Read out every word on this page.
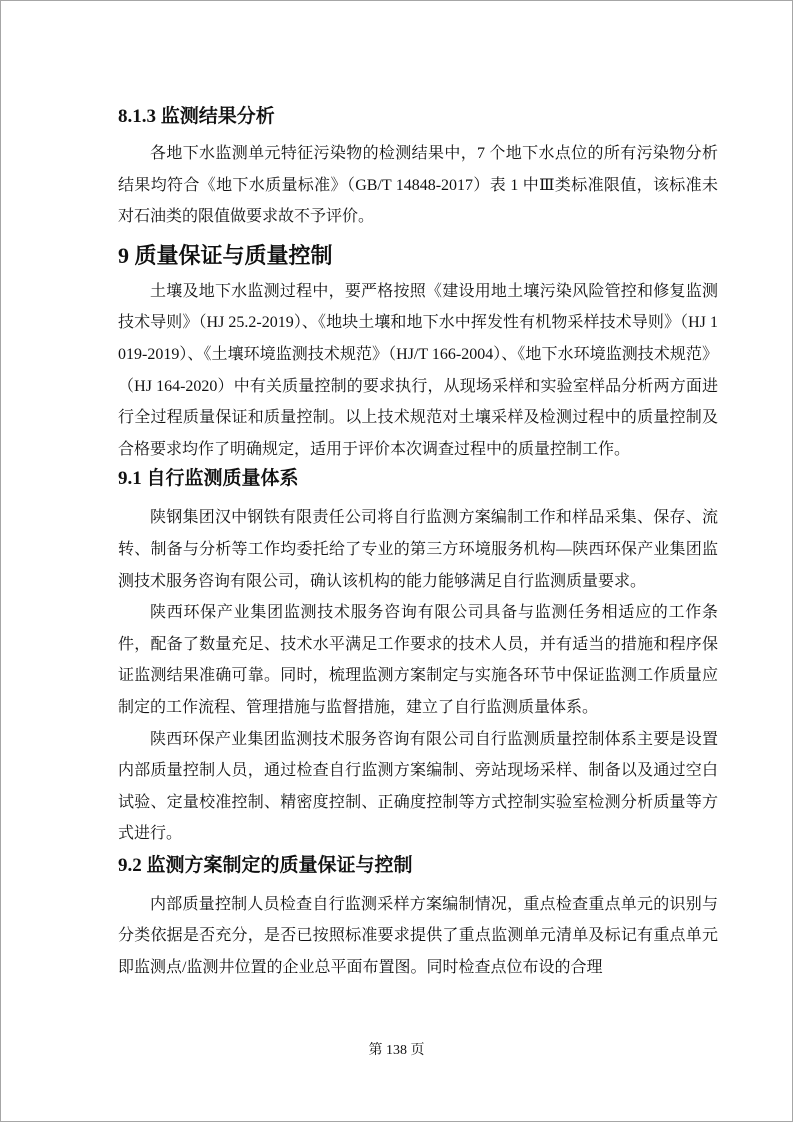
8.1.3 监测结果分析

各地下水监测单元特征污染物的检测结果中，7 个地下水点位的所有污染物分析结果均符合《地下水质量标准》（GB/T 14848-2017）表 1 中Ⅲ类标准限值，该标准未对石油类的限值做要求故不予评价。

9 质量保证与质量控制

土壤及地下水监测过程中，要严格按照《建设用地土壤污染风险管控和修复监测技术导则》（HJ 25.2-2019）、《地块土壤和地下水中挥发性有机物采样技术导则》（HJ 1019-2019）、《土壤环境监测技术规范》（HJ/T 166-2004）、《地下水环境监测技术规范》（HJ 164-2020）中有关质量控制的要求执行，从现场采样和实验室样品分析两方面进行全过程质量保证和质量控制。以上技术规范对土壤采样及检测过程中的质量控制及合格要求均作了明确规定，适用于评价本次调查过程中的质量控制工作。

9.1 自行监测质量体系

陕钢集团汉中钢铁有限责任公司将自行监测方案编制工作和样品采集、保存、流转、制备与分析等工作均委托给了专业的第三方环境服务机构—陕西环保产业集团监测技术服务咨询有限公司，确认该机构的能力能够满足自行监测质量要求。

陕西环保产业集团监测技术服务咨询有限公司具备与监测任务相适应的工作条件，配备了数量充足、技术水平满足工作要求的技术人员，并有适当的措施和程序保证监测结果准确可靠。同时，梳理监测方案制定与实施各环节中保证监测工作质量应制定的工作流程、管理措施与监督措施，建立了自行监测质量体系。

陕西环保产业集团监测技术服务咨询有限公司自行监测质量控制体系主要是设置内部质量控制人员，通过检查自行监测方案编制、旁站现场采样、制备以及通过空白试验、定量校准控制、精密度控制、正确度控制等方式控制实验室检测分析质量等方式进行。

9.2 监测方案制定的质量保证与控制

内部质量控制人员检查自行监测采样方案编制情况，重点检查重点单元的识别与分类依据是否充分，是否已按照标准要求提供了重点监测单元清单及标记有重点单元即监测点/监测井位置的企业总平面布置图。同时检查点位布设的合理

第 138 页
